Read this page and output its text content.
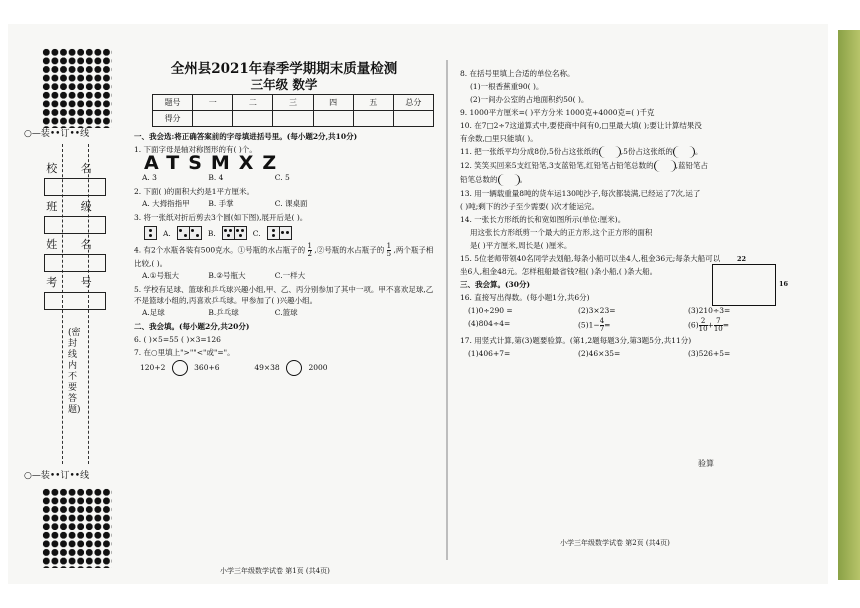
○—装••订••线
校 名
班 级
姓 名
考 号
(密封线内不要答题)
○—装••订••线
全州县2021年春季学期期末质量检测
三年级 数学
题号	一	二	三	四	五	总分
得分						
一、我会选:将正确答案前的字母填进括号里。(每小题2分,共10分)
1. 下面字母是轴对称图形的有( )个。
ATSMXZ
A. 3	B. 4	C. 5
2. 下面( )的面积大约是1平方厘米。
A. 大拇指指甲 B. 手掌	C. 课桌面
3. 将一张纸对折后剪去3个圆(如下图),展开后是( )。
A.	B.	C.
4. 有2个水瓶各装有500克水。①号瓶的水占瓶子的 $\frac{1}{2}$ ,②号瓶的水占瓶子的 $\frac{1}{5}$ ,两个瓶子相比较,( )。
A.①号瓶大	B.②号瓶大	C.一样大
5. 学校有足球、篮球和乒乓球兴趣小组,甲、乙、丙分别参加了其中一项。甲不喜欢足球,乙不是篮球小组的,丙喜欢乒乓球。甲参加了( )兴趣小组。
A.足球	B.乒乓球	C.篮球
二、我会填。(每小题2分,共20分)
6. ( )×5=55 ( )×3=126
7. 在○里填上">""<"或"="。
120+2	360+6	49×38	2000
小学三年级数学试卷 第1页 (共4页)
8. 在括号里填上合适的单位名称。
(1)一根香蕉重90( )。
(2)一间办公室的占地面积约50( )。
9. 1000平方厘米=( )平方分米 1000克+4000克=( )千克
10. 在7□2÷7这道算式中,要使商中间有0,□里最大填( );要让计算结果没
有余数,□里只能填( )。
11. 把一张纸平均分成8份,5份占这张纸的	,5份占这张纸的	。
12. 笑笑买回来5支红铅笔,3支蓝铅笔,红铅笔占铅笔总数的	,蓝铅笔占
铅笔总数的	。
13. 用一辆载重量8吨的货车运130吨沙子,每次都装满,已经运了7次,运了
( )吨;剩下的沙子至少需要( )次才能运完。
14. 一张长方形纸的长和宽如图所示(单位:厘米)。
用这张长方形纸剪一个最大的正方形,这个正方形的面积
是( )平方厘米,周长是( )厘米。
15. 5位老师带领40名同学去划船,每条小船可以坐4人,租金36元;每条大船可以
坐6人,租金48元。怎样租船最省钱?租( )条小船,( )条大船。
三、我会算。(30分)
16. 直接写出得数。(每小题1分,共6分)
(1)0÷290 =	(2)3×23=	(3)210÷3=
(4)804÷4=	$(5)1- \frac{4}{7}$ =	$(6) \frac{2}{10} + \frac{7}{10}$ =
17. 用竖式计算,第(3)题要验算。(第1,2题每题3分,第3题5分,共11分)
(1)406+7=	(2)46×35=	(3)526+5=
22
16
验算
小学三年级数学试卷 第2页 (共4页)
